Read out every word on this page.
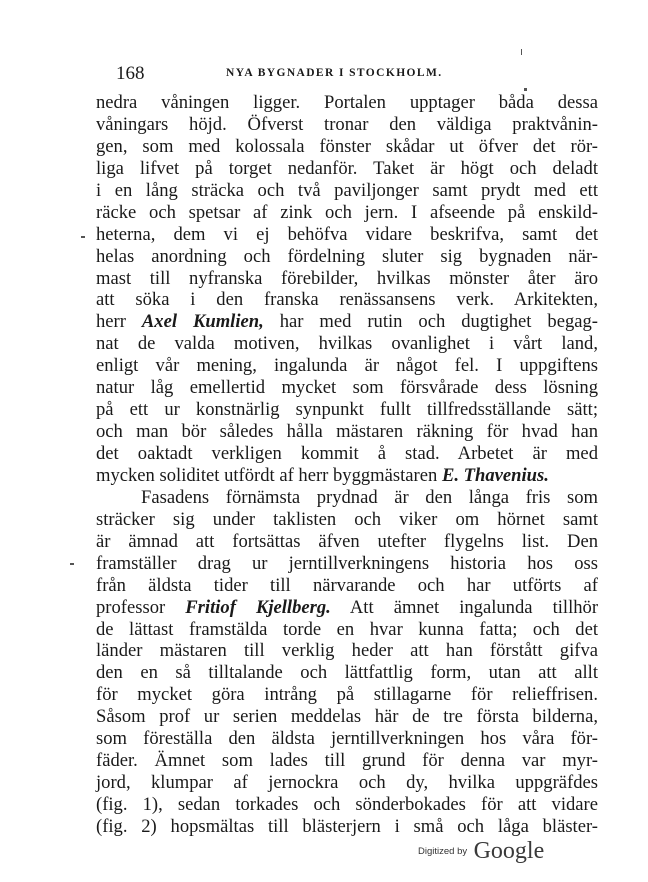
168	NYA BYGNADER I STOCKHOLM.
nedra våningen ligger. Portalen upptager båda dessa
våningars höjd. Öfverst tronar den väldiga praktvånin-
gen, som med kolossala fönster skådar ut öfver det rör-
liga lifvet på torget nedanför. Taket är högt och deladt
i en lång sträcka och två paviljonger samt prydt med ett
räcke och spetsar af zink och jern. I afseende på enskild-
heterna, dem vi ej behöfva vidare beskrifva, samt det
helas anordning och fördelning sluter sig bygnaden när-
mast till nyfranska förebilder, hvilkas mönster åter äro
att söka i den franska renässansens verk. Arkitekten,
herr Axel Kumlien, har med rutin och dugtighet begag-
nat de valda motiven, hvilkas ovanlighet i vårt land,
enligt vår mening, ingalunda är något fel. I uppgiftens
natur låg emellertid mycket som försvårade dess lösning
på ett ur konstnärlig synpunkt fullt tillfredsställande sätt;
och man bör således hålla mästaren räkning för hvad han
det oaktadt verkligen kommit å stad. Arbetet är med
mycken soliditet utfördt af herr byggmästaren E. Thavenius.
Fasadens förnämsta prydnad är den långa fris som
sträcker sig under taklisten och viker om hörnet samt
är ämnad att fortsättas äfven utefter flygelns list. Den
framställer drag ur jerntillverkningens historia hos oss
från äldsta tider till närvarande och har utförts af
professor Fritiof Kjellberg. Att ämnet ingalunda tillhör
de lättast framstälda torde en hvar kunna fatta; och det
länder mästaren till verklig heder att han förstått gifva
den en så tilltalande och lättfattlig form, utan att allt
för mycket göra intrång på stillagarne för relieffrisen.
Såsom prof ur serien meddelas här de tre första bilderna,
som föreställa den äldsta jerntillverkningen hos våra för-
fäder. Ämnet som lades till grund för denna var myr-
jord, klumpar af jernockra och dy, hvilka uppgräfdes
(fig. 1), sedan torkades och sönderbokades för att vidare
(fig. 2) hopsmältas till blästerjern i små och låga bläster-
Digitized by Google
